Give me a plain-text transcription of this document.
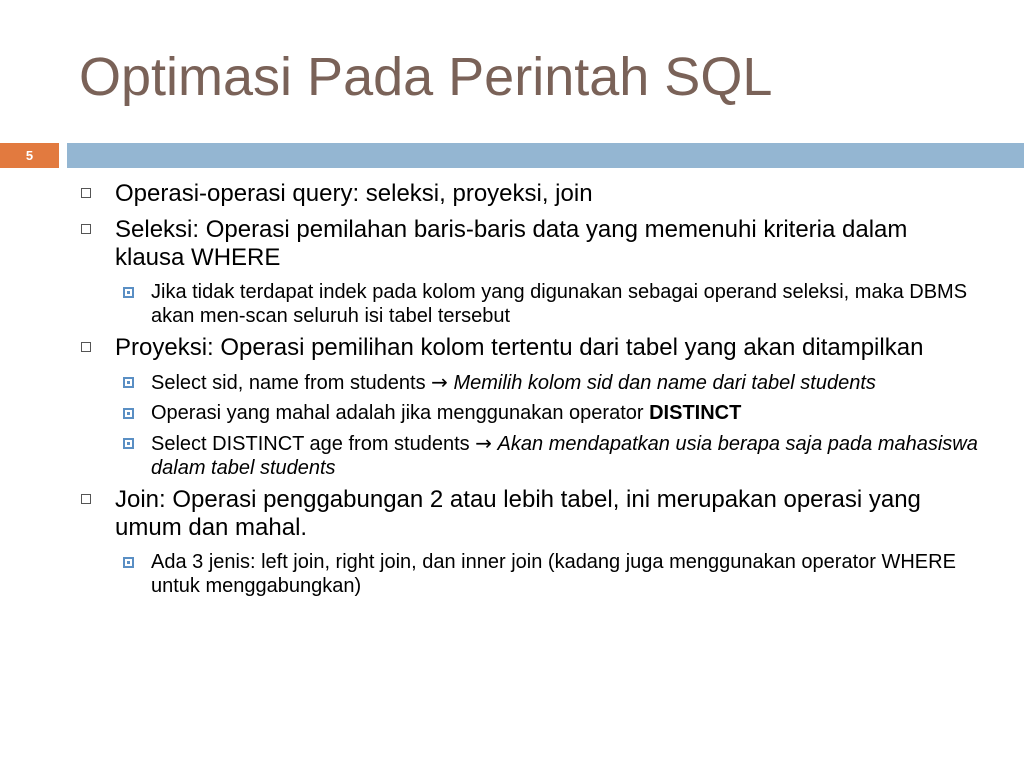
Optimasi Pada Perintah SQL
5
Operasi-operasi query: seleksi, proyeksi, join
Seleksi: Operasi pemilahan baris-baris data yang memenuhi kriteria dalam klausa WHERE
Jika tidak terdapat indek pada kolom yang digunakan sebagai operand seleksi, maka DBMS akan men-scan seluruh isi tabel tersebut
Proyeksi: Operasi pemilihan kolom tertentu dari tabel yang akan ditampilkan
Select sid, name from students → Memilih kolom sid dan name dari tabel students
Operasi yang mahal adalah jika menggunakan operator DISTINCT
Select DISTINCT age from students → Akan mendapatkan usia berapa saja pada mahasiswa dalam tabel students
Join: Operasi penggabungan 2 atau lebih tabel, ini merupakan operasi yang umum dan mahal.
Ada 3 jenis: left join, right join, dan inner join (kadang juga menggunakan operator WHERE untuk menggabungkan)
